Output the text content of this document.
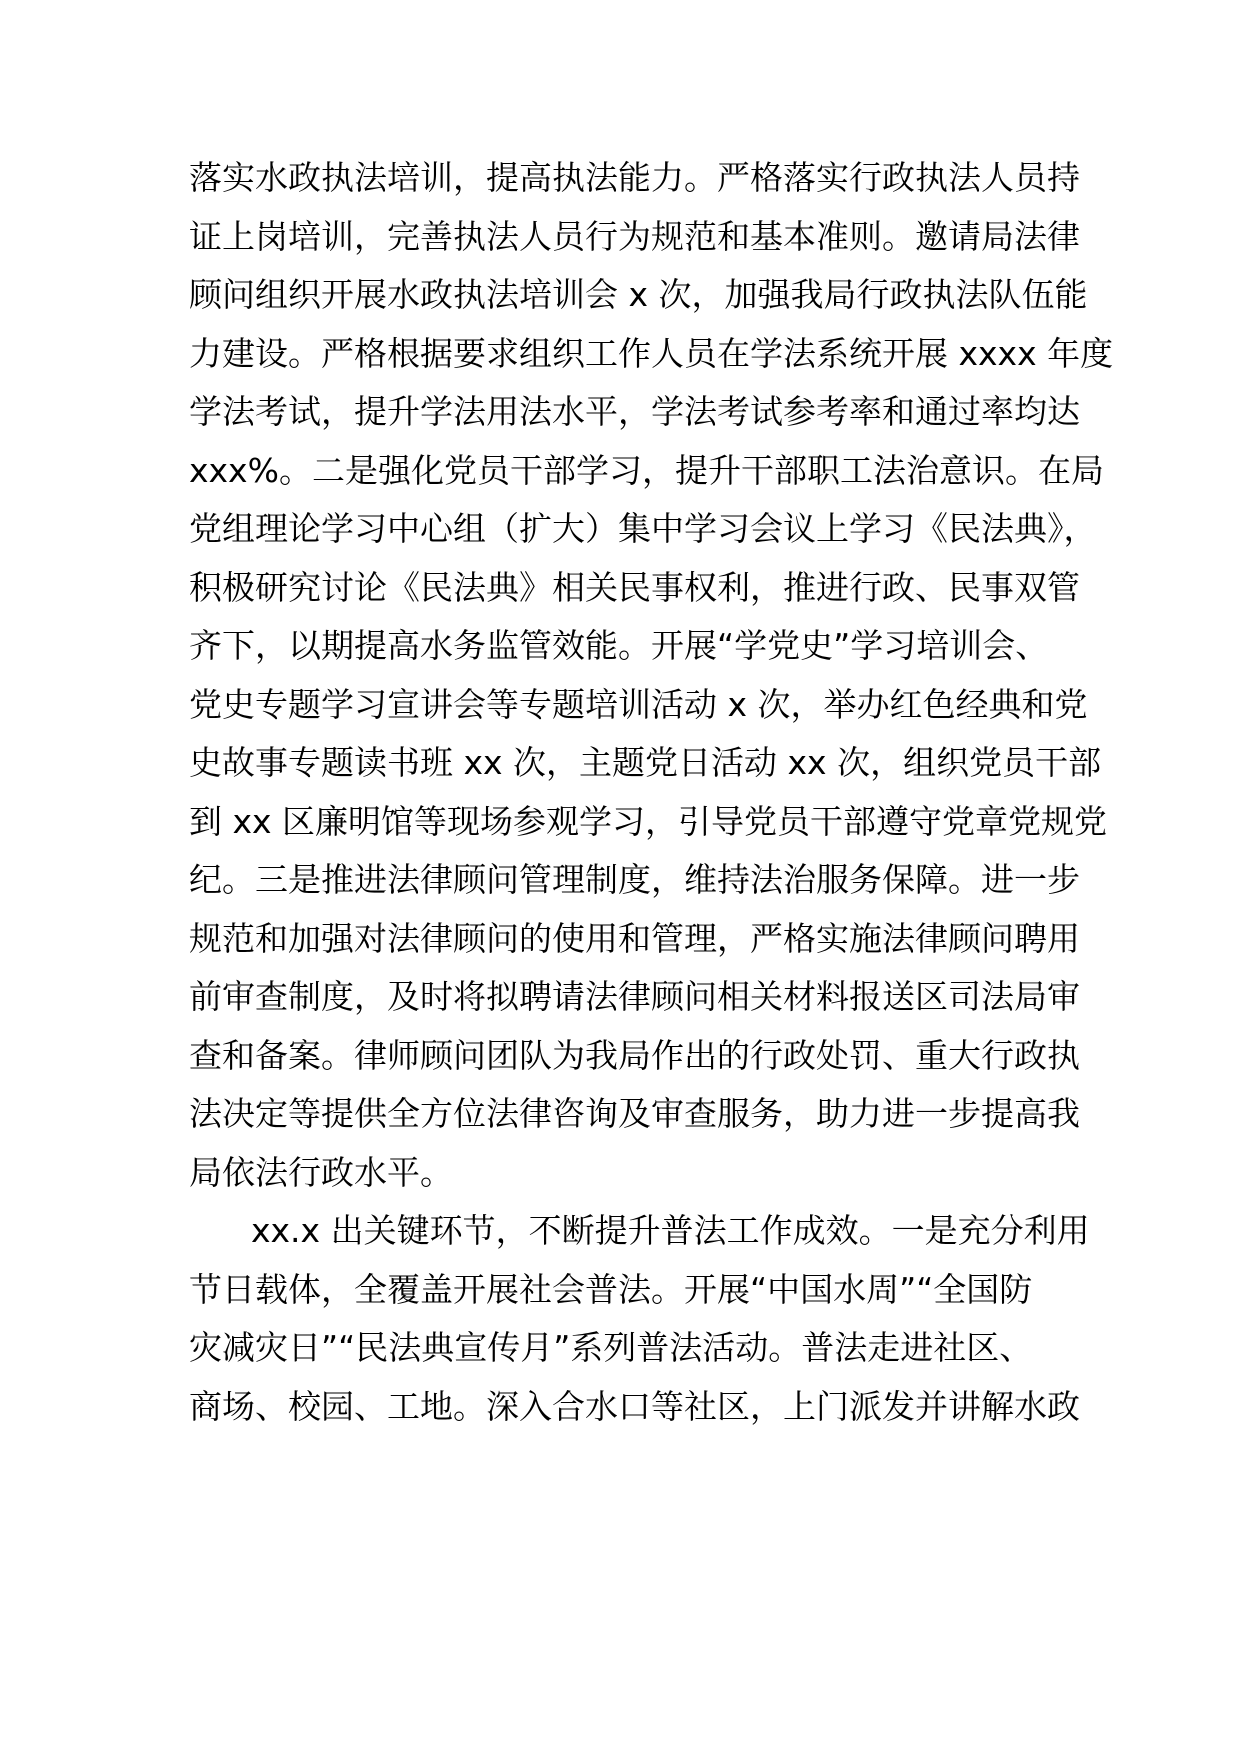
落实水政执法培训，提高执法能力。严格落实行政执法人员持
证上岗培训，完善执法人员行为规范和基本准则。邀请局法律
顾问组织开展水政执法培训会 x 次，加强我局行政执法队伍能
力建设。严格根据要求组织工作人员在学法系统开展 xxxx 年度
学法考试，提升学法用法水平，学法考试参考率和通过率均达
xxx%。二是强化党员干部学习，提升干部职工法治意识。在局
党组理论学习中心组（扩大）集中学习会议上学习《民法典》，
积极研究讨论《民法典》相关民事权利，推进行政、民事双管
齐下，以期提高水务监管效能。开展“学党史”学习培训会、
党史专题学习宣讲会等专题培训活动 x 次，举办红色经典和党
史故事专题读书班 xx 次，主题党日活动 xx 次，组织党员干部
到 xx 区廉明馆等现场参观学习，引导党员干部遵守党章党规党
纪。三是推进法律顾问管理制度，维持法治服务保障。进一步
规范和加强对法律顾问的使用和管理，严格实施法律顾问聘用
前审查制度，及时将拟聘请法律顾问相关材料报送区司法局审
查和备案。律师顾问团队为我局作出的行政处罚、重大行政执
法决定等提供全方位法律咨询及审查服务，助力进一步提高我
局依法行政水平。
xx.x 出关键环节，不断提升普法工作成效。一是充分利用
节日载体，全覆盖开展社会普法。开展“中国水周”“全国防
灾减灾日”“民法典宣传月”系列普法活动。普法走进社区、
商场、校园、工地。深入合水口等社区，上门派发并讲解水政
